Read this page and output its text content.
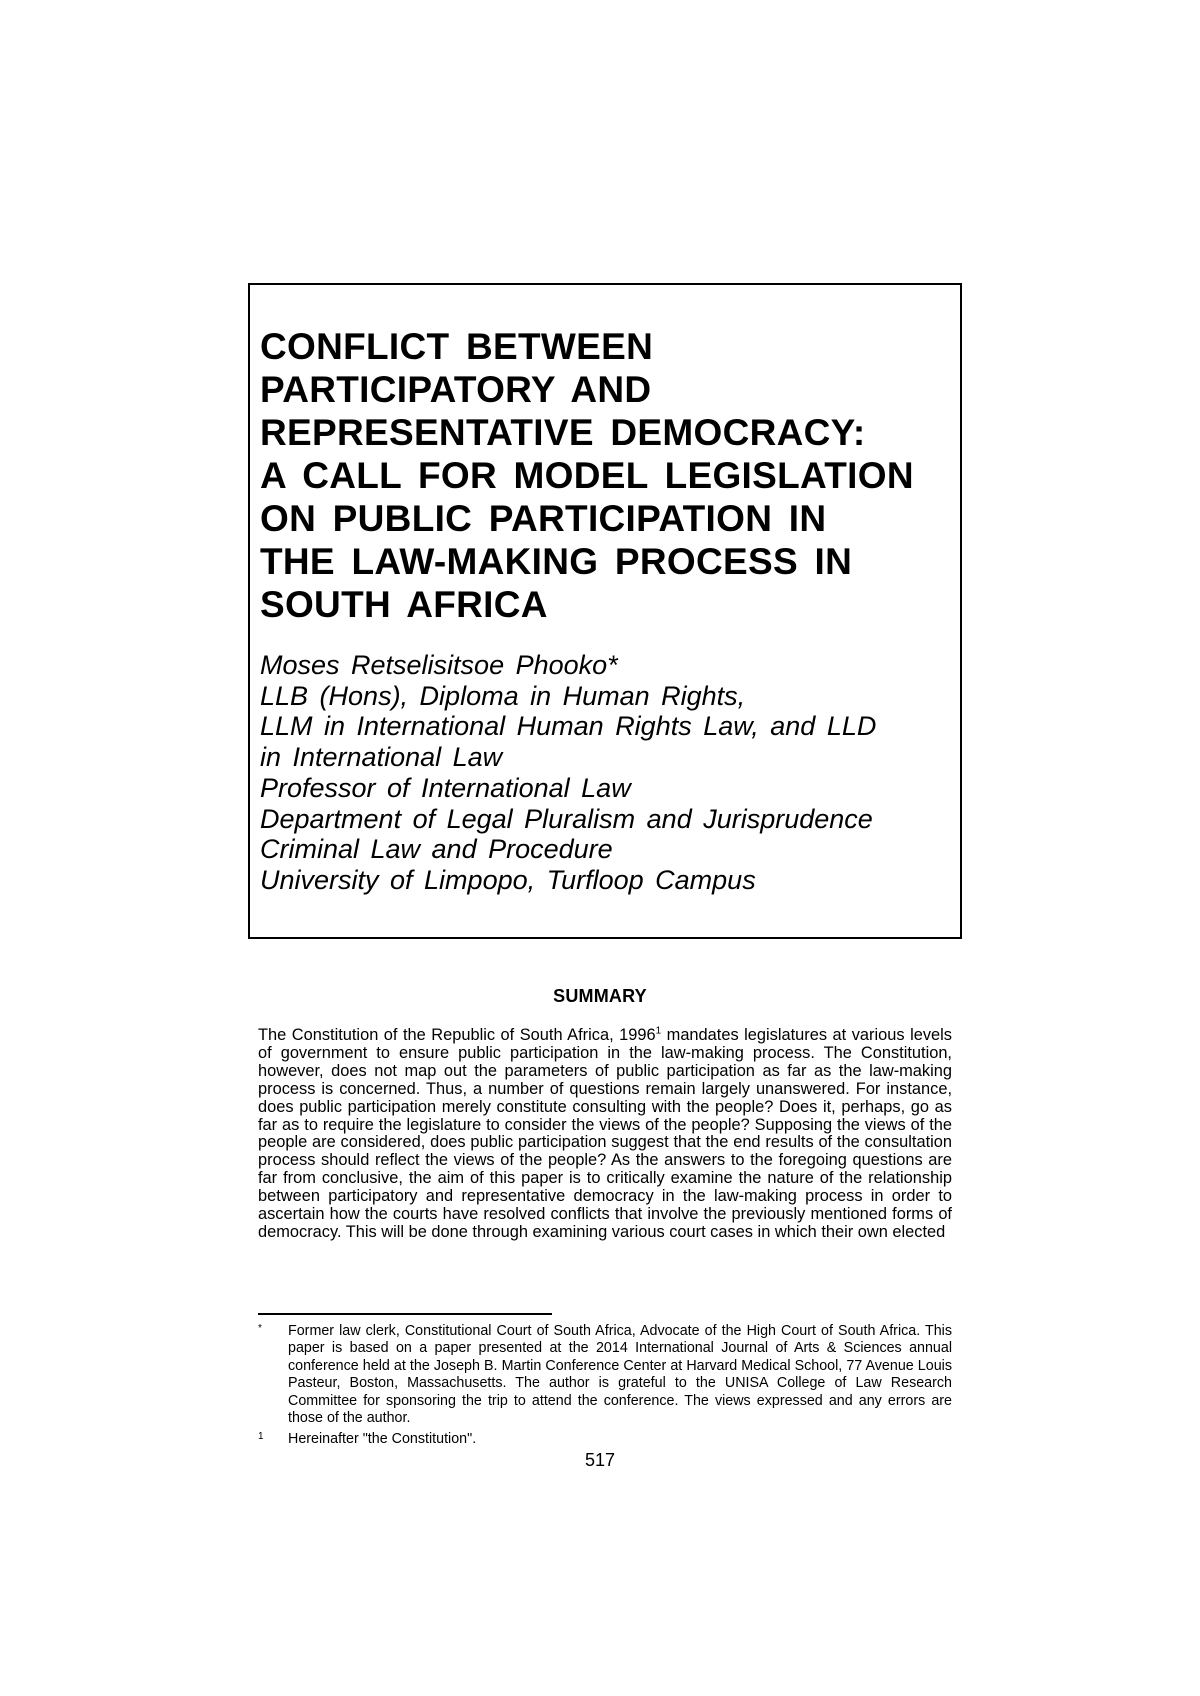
CONFLICT BETWEEN
PARTICIPATORY AND
REPRESENTATIVE DEMOCRACY:
A CALL FOR MODEL LEGISLATION
ON PUBLIC PARTICIPATION IN
THE LAW-MAKING PROCESS IN
SOUTH AFRICA
Moses Retselisitsoe Phooko*
LLB (Hons), Diploma in Human Rights,
LLM in International Human Rights Law, and LLD
in International Law
Professor of International Law
Department of Legal Pluralism and Jurisprudence
Criminal Law and Procedure
University of Limpopo, Turfloop Campus
SUMMARY
The Constitution of the Republic of South Africa, 1996$^1$ mandates legislatures at various levels of government to ensure public participation in the law-making process. The Constitution, however, does not map out the parameters of public participation as far as the law-making process is concerned. Thus, a number of questions remain largely unanswered. For instance, does public participation merely constitute consulting with the people? Does it, perhaps, go as far as to require the legislature to consider the views of the people? Supposing the views of the people are considered, does public participation suggest that the end results of the consultation process should reflect the views of the people? As the answers to the foregoing questions are far from conclusive, the aim of this paper is to critically examine the nature of the relationship between participatory and representative democracy in the law-making process in order to ascertain how the courts have resolved conflicts that involve the previously mentioned forms of democracy. This will be done through examining various court cases in which their own elected
* Former law clerk, Constitutional Court of South Africa, Advocate of the High Court of South Africa. This paper is based on a paper presented at the 2014 International Journal of Arts & Sciences annual conference held at the Joseph B. Martin Conference Center at Harvard Medical School, 77 Avenue Louis Pasteur, Boston, Massachusetts. The author is grateful to the UNISA College of Law Research Committee for sponsoring the trip to attend the conference. The views expressed and any errors are those of the author.
1 Hereinafter "the Constitution".
517
